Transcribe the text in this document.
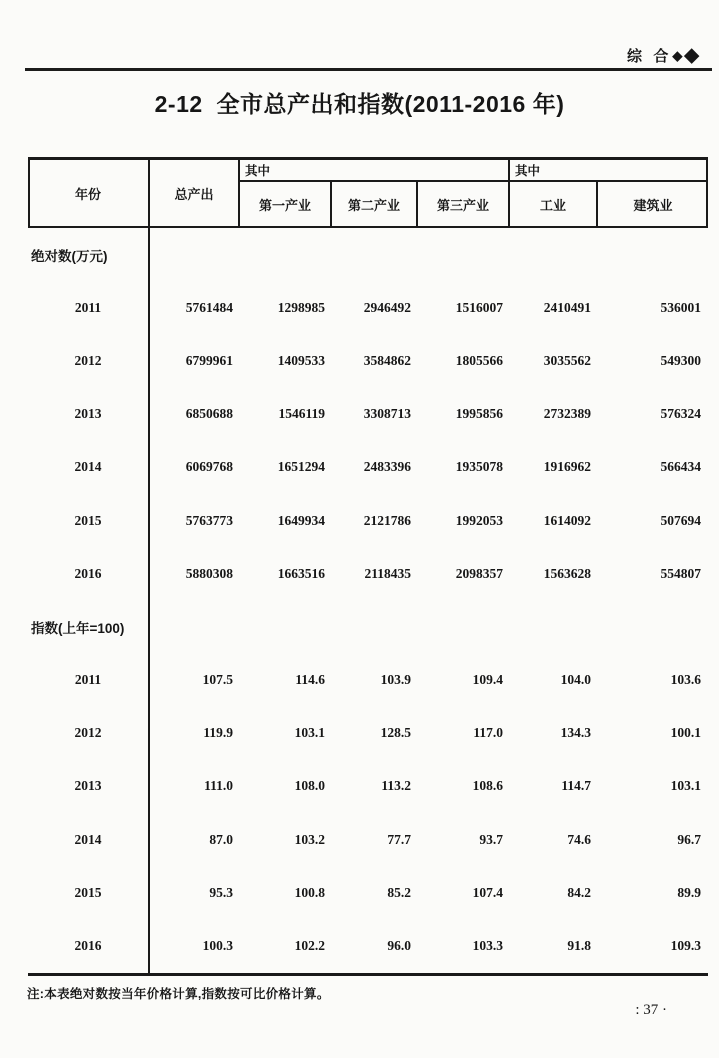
综  合 ◆ ◆
2-12  全市总产出和指数(2011-2016 年)
年份	总产出
其中	其中
第一产业	第二产业	第三产业	工业	建筑业
绝对数(万元)
2011	5761484	1298985	2946492	1516007	2410491	536001
2012	6799961	1409533	3584862	1805566	3035562	549300
2013	6850688	1546119	3308713	1995856	2732389	576324
2014	6069768	1651294	2483396	1935078	1916962	566434
2015	5763773	1649934	2121786	1992053	1614092	507694
2016	5880308	1663516	2118435	2098357	1563628	554807
指数(上年=100)
2011	107.5	114.6	103.9	109.4	104.0	103.6
2012	119.9	103.1	128.5	117.0	134.3	100.1
2013	111.0	108.0	113.2	108.6	114.7	103.1
2014	87.0	103.2	77.7	93.7	74.6	96.7
2015	95.3	100.8	85.2	107.4	84.2	89.9
2016	100.3	102.2	96.0	103.3	91.8	109.3
注:本表绝对数按当年价格计算,指数按可比价格计算。
: 37 ·
